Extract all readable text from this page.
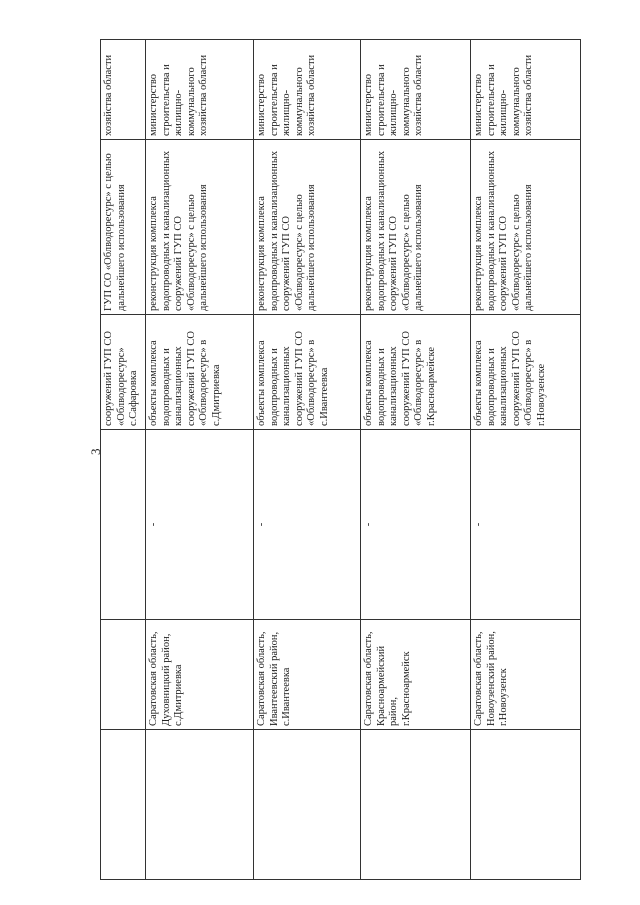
3
			сооружений ГУП СО «Облводоресурс» с.Сафаровка	ГУП СО «Облводоресурс» с целью дальнейшего использования	хозяйства области
	Саратовская область, Духовницкий район, с.Дмитриевка	-	объекты комплекса водопроводных и канализационных сооружений ГУП СО «Облводоресурс» в с.Дмитриевка	реконструкция комплекса водопроводных и канализационных сооружений ГУП СО «Облводоресурс» с целью дальнейшего использования	министерство строительства и жилищно-коммунального хозяйства области
	Саратовская область, Ивантеевский район, с.Ивантеевка	-	объекты комплекса водопроводных и канализационных сооружений ГУП СО «Облводоресурс» в с.Ивантеевка	реконструкция комплекса водопроводных и канализационных сооружений ГУП СО «Облводоресурс» с целью дальнейшего использования	министерство строительства и жилищно-коммунального хозяйства области
	Саратовская область, Красноармейский район, г.Красноармейск	-	объекты комплекса водопроводных и канализационных сооружений ГУП СО «Облводоресурс» в г.Красноармейске	реконструкция комплекса водопроводных и канализационных сооружений ГУП СО «Облводоресурс» с целью дальнейшего использования	министерство строительства и жилищно-коммунального хозяйства области
	Саратовская область, Новоузенский район, г.Новоузенск	-	объекты комплекса водопроводных и канализационных сооружений ГУП СО «Облводоресурс» в г.Новоузенске	реконструкция комплекса водопроводных и канализационных сооружений ГУП СО «Облводоресурс» с целью дальнейшего использования	министерство строительства и жилищно-коммунального хозяйства области
